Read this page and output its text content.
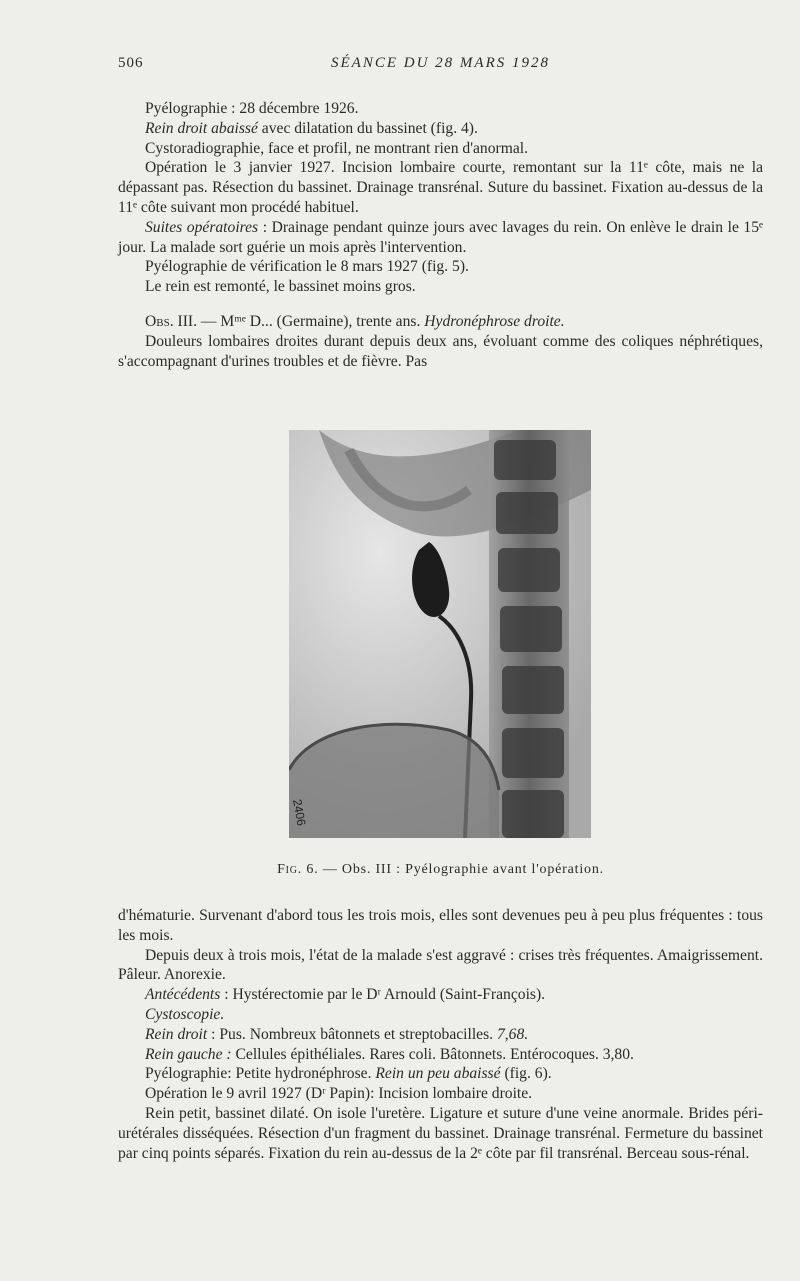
506	SÉANCE DU 28 MARS 1928

Pyélographie : 28 décembre 1926.

Rein droit abaissé avec dilatation du bassinet (fig. 4).

Cystoradiographie, face et profil, ne montrant rien d'anormal.

Opération le 3 janvier 1927. Incision lombaire courte, remontant sur la 11ᵉ côte, mais ne la dépassant pas. Résection du bassinet. Drainage transrénal. Suture du bassinet. Fixation au-dessus de la 11ᵉ côte suivant mon procédé habituel.

Suites opératoires : Drainage pendant quinze jours avec lavages du rein. On enlève le drain le 15ᵉ jour. La malade sort guérie un mois après l'intervention.

Pyélographie de vérification le 8 mars 1927 (fig. 5).

Le rein est remonté, le bassinet moins gros.

Obs. III. — Mᵐᵉ D... (Germaine), trente ans. Hydronéphrose droite.

Douleurs lombaires droites durant depuis deux ans, évoluant comme des coliques néphrétiques, s'accompagnant d'urines troubles et de fièvre. Pas

2406
Fig. 6. — Obs. III : Pyélographie avant l'opération.

d'hématurie. Survenant d'abord tous les trois mois, elles sont devenues peu à peu plus fréquentes : tous les mois.

Depuis deux à trois mois, l'état de la malade s'est aggravé : crises très fréquentes. Amaigrissement. Pâleur. Anorexie.

Antécédents : Hystérectomie par le Dʳ Arnould (Saint-François).

Cystoscopie.

Rein droit : Pus. Nombreux bâtonnets et streptobacilles. 7,68.

Rein gauche : Cellules épithéliales. Rares coli. Bâtonnets. Entérocoques. 3,80.

Pyélographie: Petite hydronéphrose. Rein un peu abaissé (fig. 6).

Opération le 9 avril 1927 (Dʳ Papin): Incision lombaire droite.

Rein petit, bassinet dilaté. On isole l'uretère. Ligature et suture d'une veine anormale. Brides péri-urétérales disséquées. Résection d'un fragment du bassinet. Drainage transrénal. Fermeture du bassinet par cinq points séparés. Fixation du rein au-dessus de la 2ᵉ côte par fil transrénal. Berceau sous-rénal.
